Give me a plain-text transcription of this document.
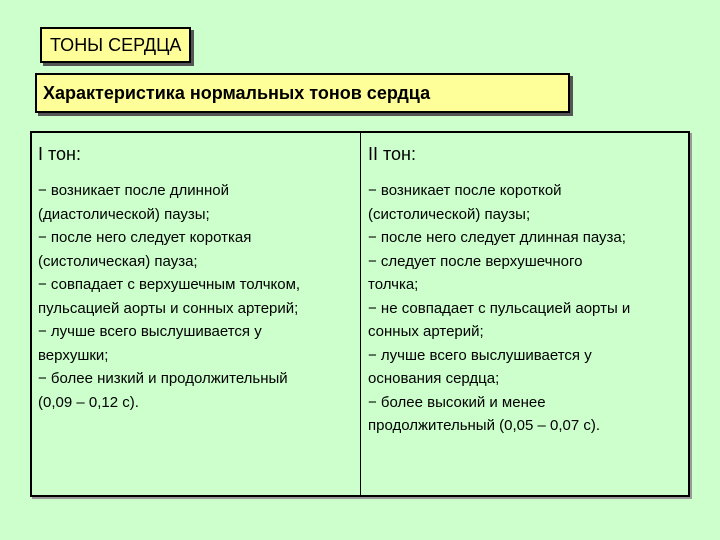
ТОНЫ СЕРДЦА
Характеристика нормальных тонов сердца
I тон:
− возникает после длинной
(диастолической) паузы;
− после него следует короткая
(систолическая) пауза;
− совпадает с верхушечным толчком,
пульсацией аорты и сонных артерий;
− лучше всего выслушивается у
верхушки;
− более низкий и продолжительный
(0,09 – 0,12 с).
II тон:
− возникает после короткой
(систолической) паузы;
− после него следует длинная пауза;
− следует после верхушечного
толчка;
− не совпадает с пульсацией аорты и
сонных артерий;
− лучше всего выслушивается у
основания сердца;
− более высокий и менее
продолжительный (0,05 – 0,07 с).
